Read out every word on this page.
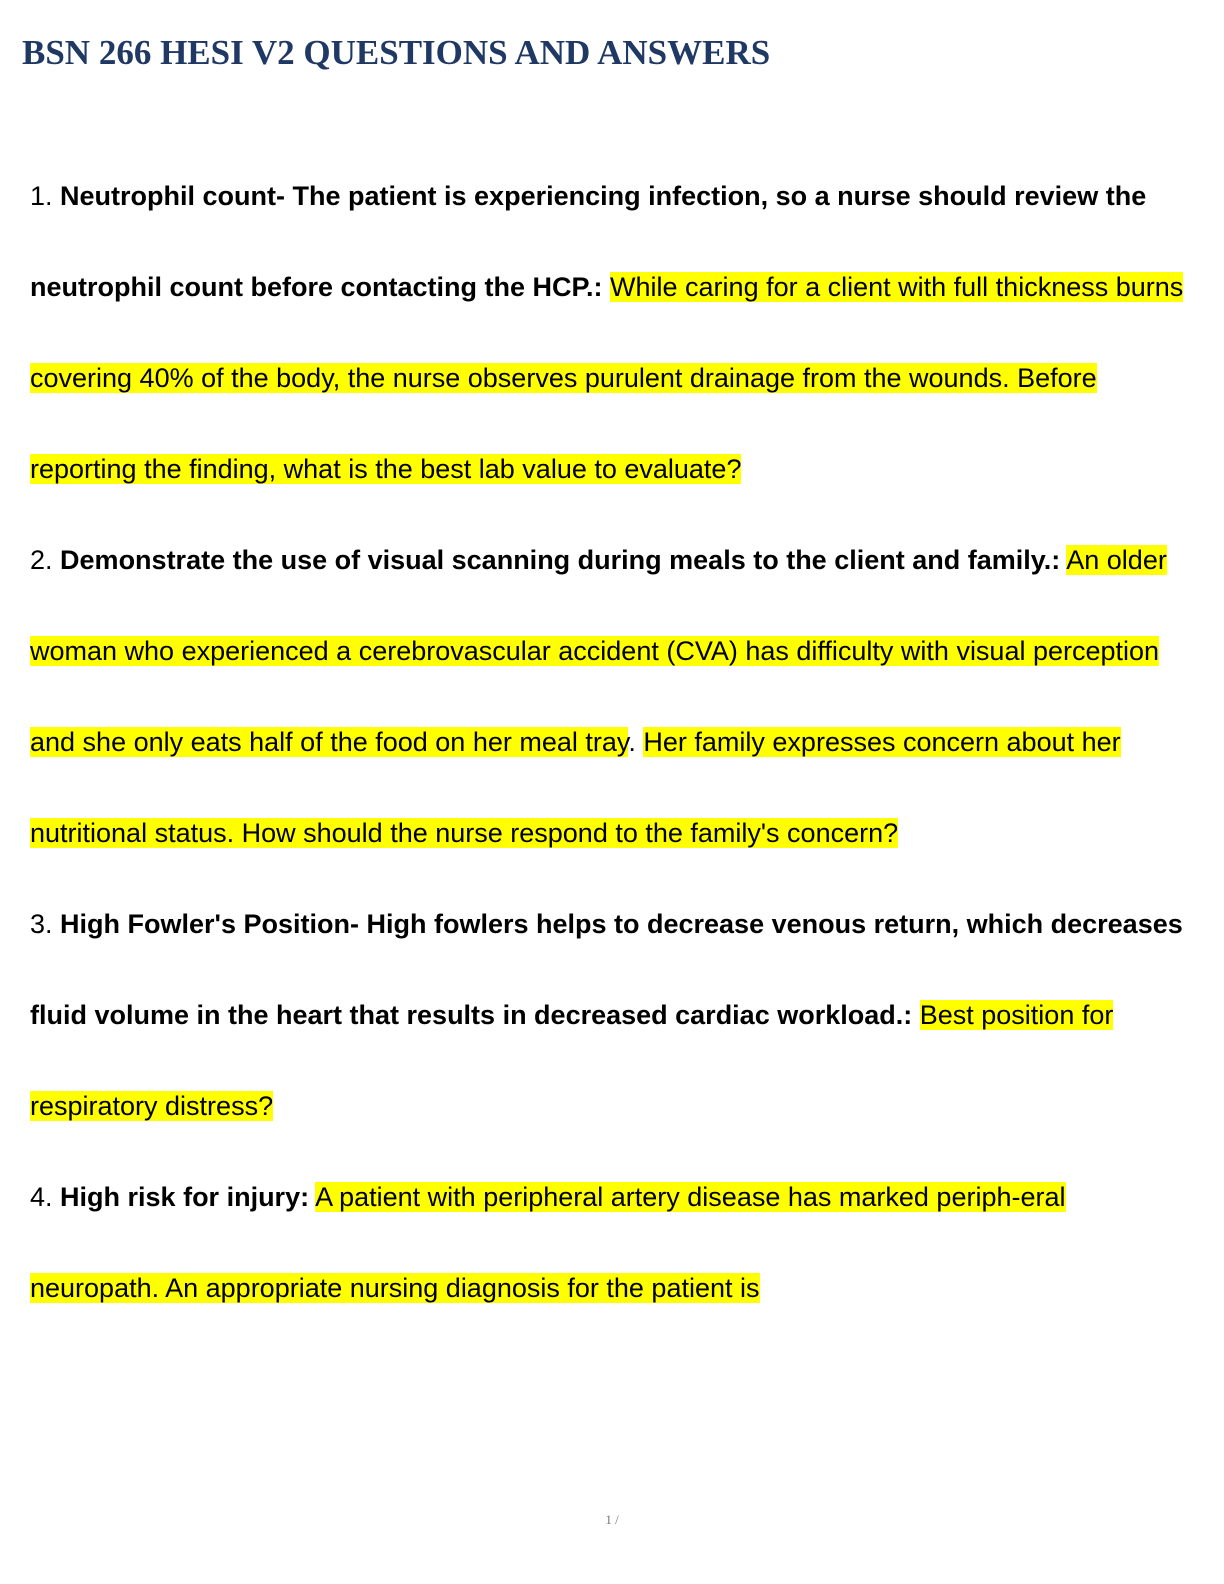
BSN 266 HESI V2 QUESTIONS AND ANSWERS

1. Neutrophil count- The patient is experiencing infection, so a nurse should review the neutrophil count before contacting the HCP.: While caring for a client with full thickness burns covering 40% of the body, the nurse observes purulent drainage from the wounds. Before reporting the finding, what is the best lab value to evaluate?

2. Demonstrate the use of visual scanning during meals to the client and family.: An older woman who experienced a cerebrovascular accident (CVA) has difficulty with visual perception and she only eats half of the food on her meal tray. Her family expresses concern about her nutritional status. How should the nurse respond to the family's concern?

3. High Fowler's Position- High fowlers helps to decrease venous return, which decreases fluid volume in the heart that results in decreased cardiac workload.: Best position for respiratory distress?

4. High risk for injury: A patient with peripheral artery disease has marked periph-eral neuropath. An appropriate nursing diagnosis for the patient is

1 /
